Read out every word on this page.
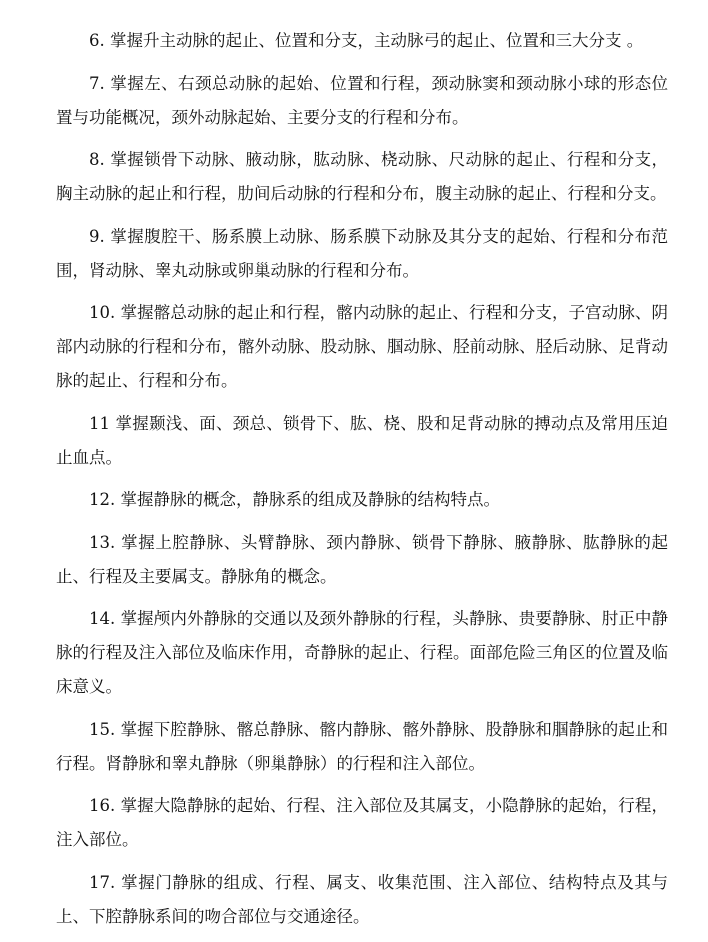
6. 掌握升主动脉的起止、位置和分支，主动脉弓的起止、位置和三大分支 。

7. 掌握左、右颈总动脉的起始、位置和行程，颈动脉窦和颈动脉小球的形态位置与功能概况，颈外动脉起始、主要分支的行程和分布。

8. 掌握锁骨下动脉、腋动脉，肱动脉、桡动脉、尺动脉的起止、行程和分支，胸主动脉的起止和行程，肋间后动脉的行程和分布，腹主动脉的起止、行程和分支。

9. 掌握腹腔干、肠系膜上动脉、肠系膜下动脉及其分支的起始、行程和分布范围，肾动脉、睾丸动脉或卵巢动脉的行程和分布。

10. 掌握髂总动脉的起止和行程，髂内动脉的起止、行程和分支，子宫动脉、阴部内动脉的行程和分布，髂外动脉、股动脉、腘动脉、胫前动脉、胫后动脉、足背动脉的起止、行程和分布。

11 掌握颞浅、面、颈总、锁骨下、肱、桡、股和足背动脉的搏动点及常用压迫止血点。

12. 掌握静脉的概念，静脉系的组成及静脉的结构特点。

13. 掌握上腔静脉、头臂静脉、颈内静脉、锁骨下静脉、腋静脉、肱静脉的起止、行程及主要属支。静脉角的概念。

14. 掌握颅内外静脉的交通以及颈外静脉的行程，头静脉、贵要静脉、肘正中静脉的行程及注入部位及临床作用，奇静脉的起止、行程。面部危险三角区的位置及临床意义。

15. 掌握下腔静脉、髂总静脉、髂内静脉、髂外静脉、股静脉和腘静脉的起止和行程。肾静脉和睾丸静脉（卵巢静脉）的行程和注入部位。

16. 掌握大隐静脉的起始、行程、注入部位及其属支，小隐静脉的起始，行程，注入部位。

17. 掌握门静脉的组成、行程、属支、收集范围、注入部位、结构特点及其与上、下腔静脉系间的吻合部位与交通途径。
